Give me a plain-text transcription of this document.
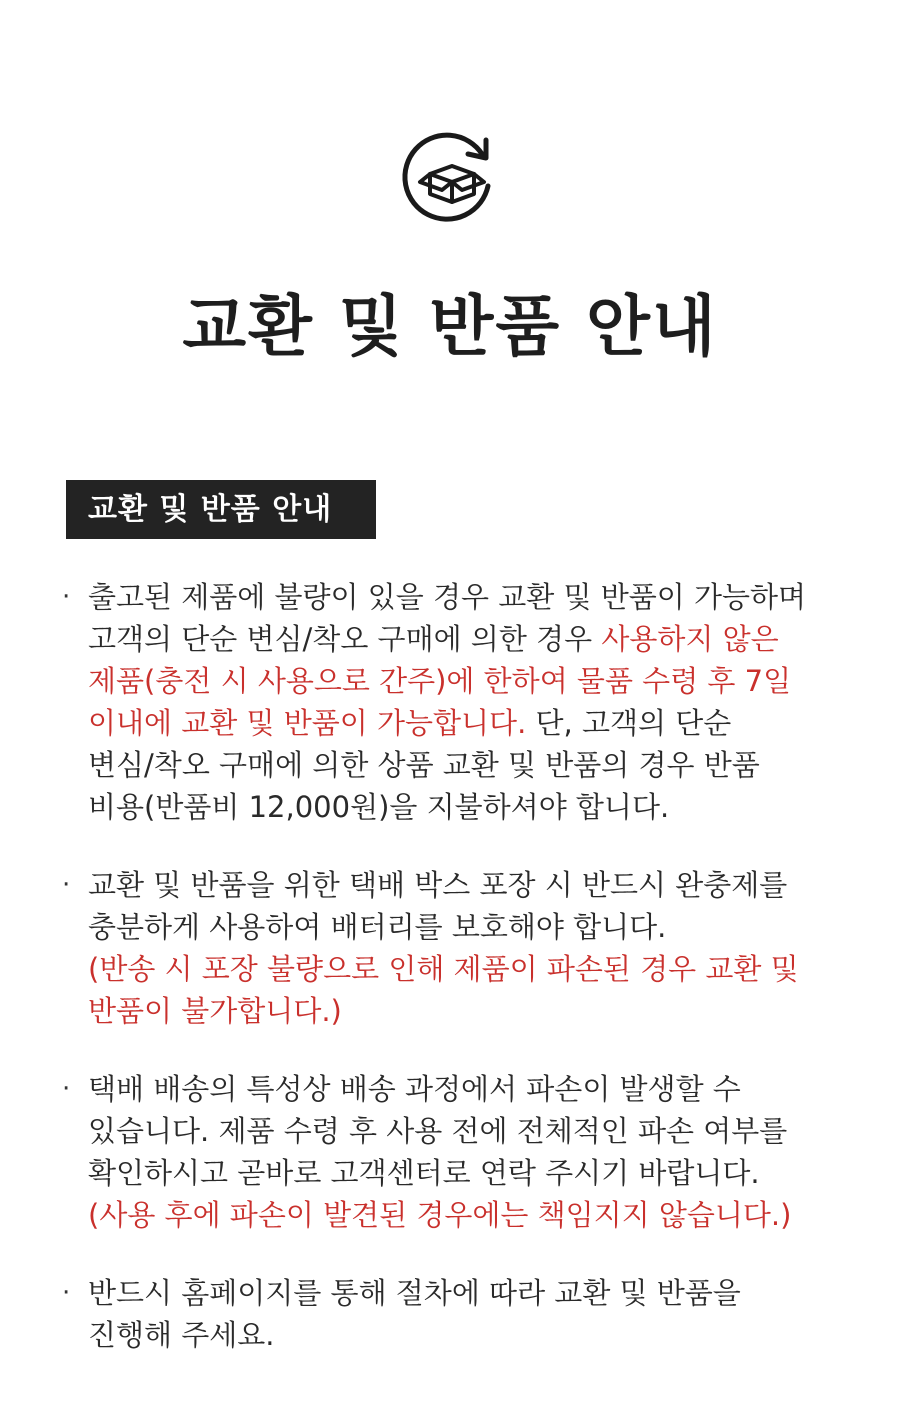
교환 및 반품 안내
교환 및 반품 안내
· 출고된 제품에 불량이 있을 경우 교환 및 반품이 가능하며
고객의 단순 변심/착오 구매에 의한 경우 사용하지 않은
제품(충전 시 사용으로 간주)에 한하여 물품 수령 후 7일
이내에 교환 및 반품이 가능합니다. 단, 고객의 단순
변심/착오 구매에 의한 상품 교환 및 반품의 경우 반품
비용(반품비 12,000원)을 지불하셔야 합니다.
· 교환 및 반품을 위한 택배 박스 포장 시 반드시 완충제를
충분하게 사용하여 배터리를 보호해야 합니다.
(반송 시 포장 불량으로 인해 제품이 파손된 경우 교환 및
반품이 불가합니다.)
· 택배 배송의 특성상 배송 과정에서 파손이 발생할 수
있습니다. 제품 수령 후 사용 전에 전체적인 파손 여부를
확인하시고 곧바로 고객센터로 연락 주시기 바랍니다.
(사용 후에 파손이 발견된 경우에는 책임지지 않습니다.)
· 반드시 홈페이지를 통해 절차에 따라 교환 및 반품을
진행해 주세요.
